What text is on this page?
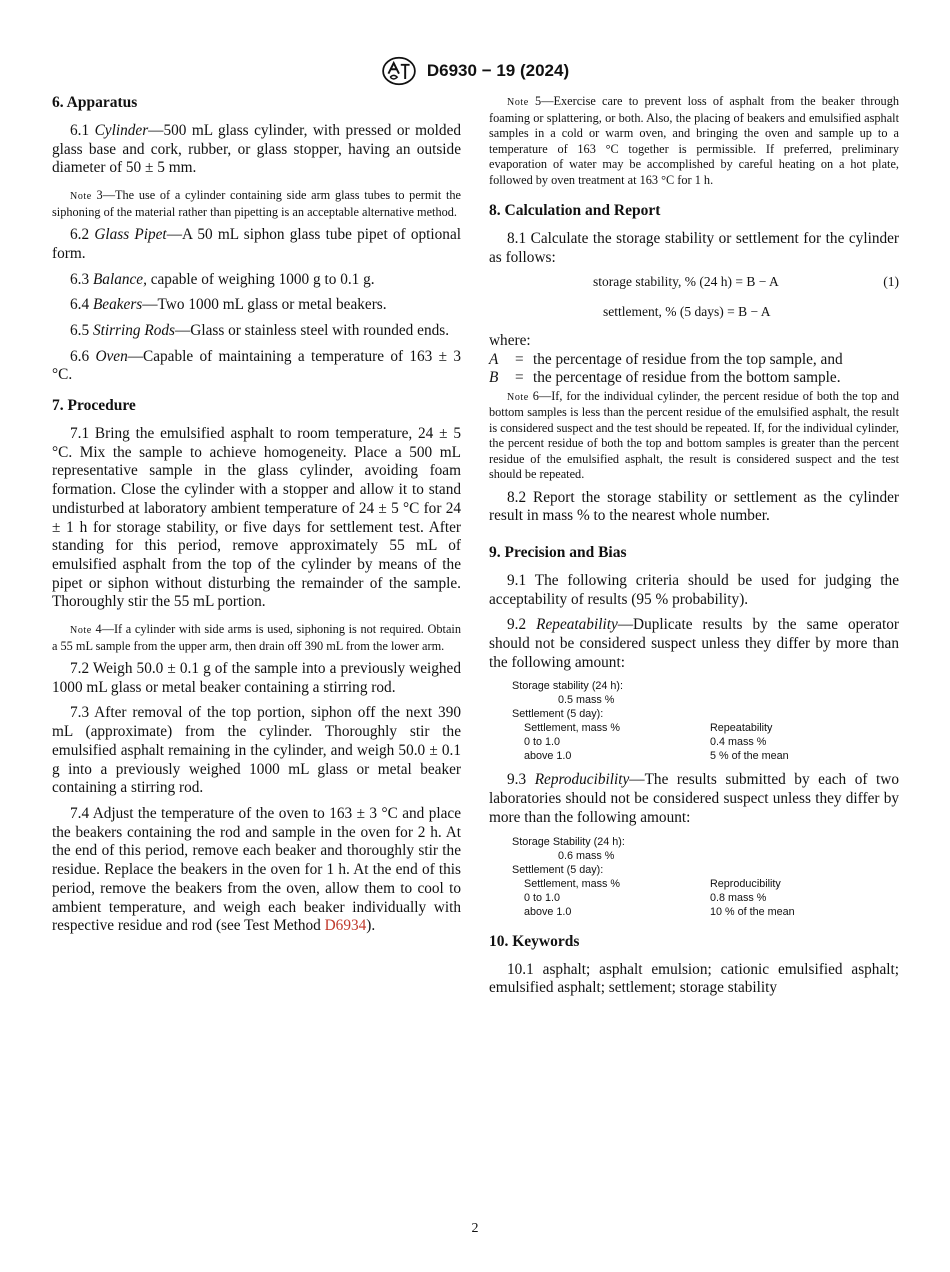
D6930 − 19 (2024)

6. Apparatus

6.1 Cylinder—500 mL glass cylinder, with pressed or molded glass base and cork, rubber, or glass stopper, having an outside diameter of 50 ± 5 mm.

Note 3—The use of a cylinder containing side arm glass tubes to permit the siphoning of the material rather than pipetting is an acceptable alternative method.

6.2 Glass Pipet—A 50 mL siphon glass tube pipet of optional form.

6.3 Balance, capable of weighing 1000 g to 0.1 g.

6.4 Beakers—Two 1000 mL glass or metal beakers.

6.5 Stirring Rods—Glass or stainless steel with rounded ends.

6.6 Oven—Capable of maintaining a temperature of 163 ± 3 °C.

7. Procedure

7.1 Bring the emulsified asphalt to room temperature, 24 ± 5 °C. Mix the sample to achieve homogeneity. Place a 500 mL representative sample in the glass cylinder, avoiding foam formation. Close the cylinder with a stopper and allow it to stand undisturbed at laboratory ambient temperature of 24 ± 5 °C for 24 ± 1 h for storage stability, or five days for settlement test. After standing for this period, remove approximately 55 mL of emulsified asphalt from the top of the cylinder by means of the pipet or siphon without disturbing the remainder of the sample. Thoroughly stir the 55 mL portion.

Note 4—If a cylinder with side arms is used, siphoning is not required. Obtain a 55 mL sample from the upper arm, then drain off 390 mL from the lower arm.

7.2 Weigh 50.0 ± 0.1 g of the sample into a previously weighed 1000 mL glass or metal beaker containing a stirring rod.

7.3 After removal of the top portion, siphon off the next 390 mL (approximate) from the cylinder. Thoroughly stir the emulsified asphalt remaining in the cylinder, and weigh 50.0 ± 0.1 g into a previously weighed 1000 mL glass or metal beaker containing a stirring rod.

7.4 Adjust the temperature of the oven to 163 ± 3 °C and place the beakers containing the rod and sample in the oven for 2 h. At the end of this period, remove each beaker and thoroughly stir the residue. Replace the beakers in the oven for 1 h. At the end of this period, remove the beakers from the oven, allow them to cool to ambient temperature, and weigh each beaker individually with respective residue and rod (see Test Method D6934).

Note 5—Exercise care to prevent loss of asphalt from the beaker through foaming or splattering, or both. Also, the placing of beakers and emulsified asphalt samples in a cold or warm oven, and bringing the oven and sample up to a temperature of 163 °C together is permissible. If preferred, preliminary evaporation of water may be accomplished by careful heating on a hot plate, followed by oven treatment at 163 °C for 1 h.

8. Calculation and Report

8.1 Calculate the storage stability or settlement for the cylinder as follows:

storage stability, % (24 h) = B − A	(1)
settlement, % (5 days) = B − A

where:

A	= the percentage of residue from the top sample, and
B	= the percentage of residue from the bottom sample.

Note 6—If, for the individual cylinder, the percent residue of both the top and bottom samples is less than the percent residue of the emulsified asphalt, the result is considered suspect and the test should be repeated. If, for the individual cylinder, the percent residue of both the top and bottom samples is greater than the percent residue of the emulsified asphalt, the result is considered suspect and the test should be repeated.

8.2 Report the storage stability or settlement as the cylinder result in mass % to the nearest whole number.

9. Precision and Bias

9.1 The following criteria should be used for judging the acceptability of results (95 % probability).

9.2 Repeatability—Duplicate results by the same operator should not be considered suspect unless they differ by more than the following amount:

Storage stability (24 h):
0.5 mass %
Settlement (5 day):
Settlement, mass %	Repeatability
0 to 1.0	0.4 mass %
above 1.0	5 % of the mean

9.3 Reproducibility—The results submitted by each of two laboratories should not be considered suspect unless they differ by more than the following amount:

Storage Stability (24 h):
0.6 mass %
Settlement (5 day):
Settlement, mass %	Reproducibility
0 to 1.0	0.8 mass %
above 1.0	10 % of the mean

10. Keywords

10.1 asphalt; asphalt emulsion; cationic emulsified asphalt; emulsified asphalt; settlement; storage stability

2
